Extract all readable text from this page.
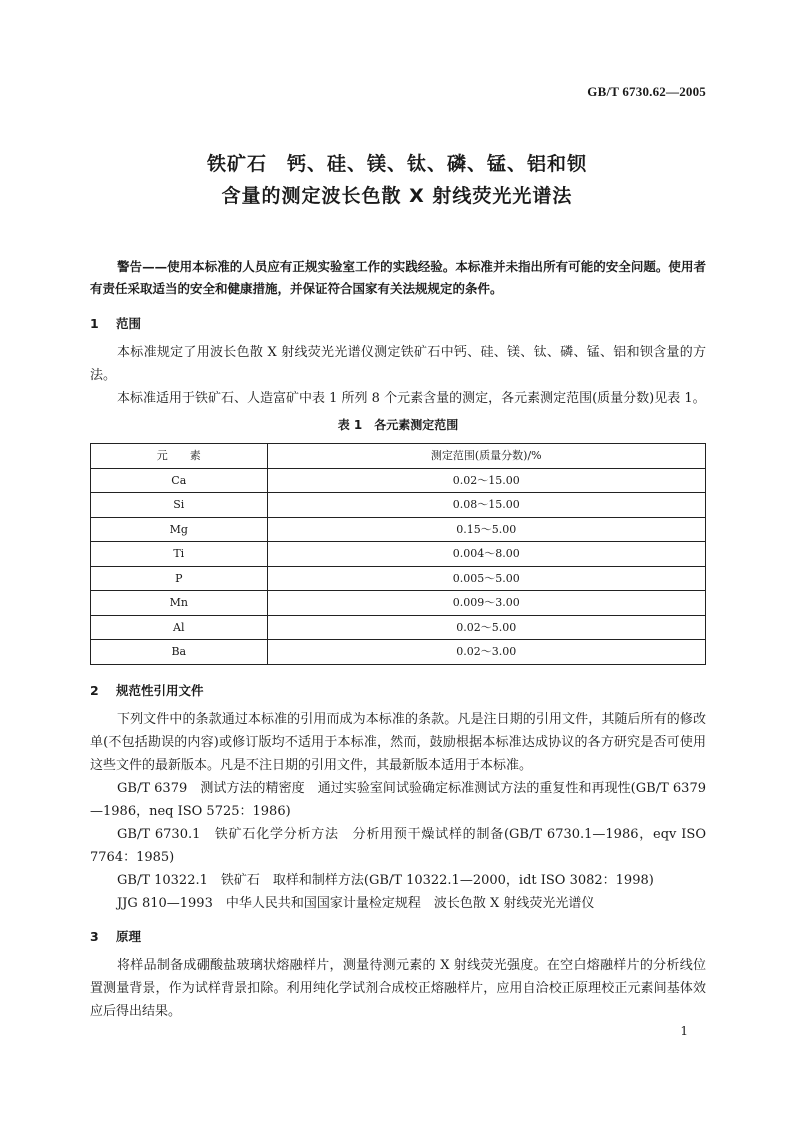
GB/T 6730.62—2005
铁矿石　钙、硅、镁、钛、磷、锰、铝和钡
含量的测定波长色散 X 射线荧光光谱法

警告——使用本标准的人员应有正规实验室工作的实践经验。本标准并未指出所有可能的安全问题。使用者有责任采取适当的安全和健康措施，并保证符合国家有关法规规定的条件。

1 范围

本标准规定了用波长色散 X 射线荧光光谱仪测定铁矿石中钙、硅、镁、钛、磷、锰、铝和钡含量的方法。

本标准适用于铁矿石、人造富矿中表 1 所列 8 个元素含量的测定，各元素测定范围(质量分数)见表 1。

表 1　各元素测定范围
元　　素	测定范围(质量分数)/%
Ca	0.02～15.00
Si	0.08～15.00
Mg	0.15～5.00
Ti	0.004～8.00
P	0.005～5.00
Mn	0.009～3.00
Al	0.02～5.00
Ba	0.02～3.00
2 规范性引用文件

下列文件中的条款通过本标准的引用而成为本标准的条款。凡是注日期的引用文件，其随后所有的修改单(不包括勘误的内容)或修订版均不适用于本标准，然而，鼓励根据本标准达成协议的各方研究是否可使用这些文件的最新版本。凡是不注日期的引用文件，其最新版本适用于本标准。

GB/T 6379　测试方法的精密度　通过实验室间试验确定标准测试方法的重复性和再现性(GB/T 6379—1986，neq ISO 5725：1986)

GB/T 6730.1　铁矿石化学分析方法　分析用预干燥试样的制备(GB/T 6730.1—1986，eqv ISO 7764：1985)

GB/T 10322.1　铁矿石　取样和制样方法(GB/T 10322.1—2000，idt ISO 3082：1998)

JJG 810—1993　中华人民共和国国家计量检定规程　波长色散 X 射线荧光光谱仪

3 原理

将样品制备成硼酸盐玻璃状熔融样片，测量待测元素的 X 射线荧光强度。在空白熔融样片的分析线位置测量背景，作为试样背景扣除。利用纯化学试剂合成校正熔融样片，应用自洽校正原理校正元素间基体效应后得出结果。

1
